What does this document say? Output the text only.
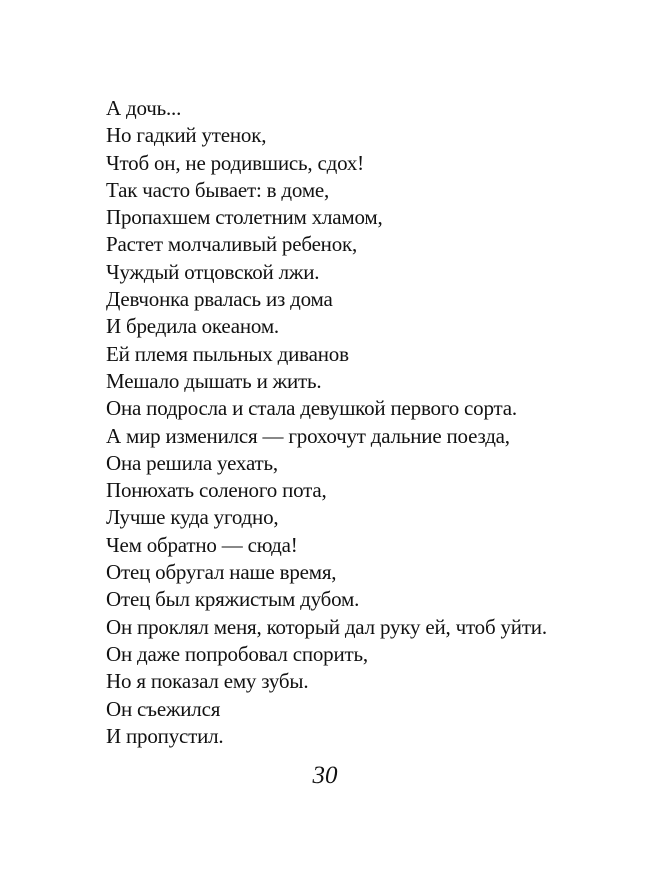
А дочь...
Но гадкий утенок,
Чтоб он, не родившись, сдох!
Так часто бывает: в доме,
Пропахшем столетним хламом,
Растет молчаливый ребенок,
Чуждый отцовской лжи.
Девчонка рвалась из дома
И бредила океаном.
Ей племя пыльных диванов
Мешало дышать и жить.
Она подросла и стала девушкой первого сорта.
А мир изменился — грохочут дальние поезда,
Она решила уехать,
Понюхать соленого пота,
Лучше куда угодно,
Чем обратно — сюда!
Отец обругал наше время,
Отец был кряжистым дубом.
Он проклял меня, который дал руку ей, чтоб уйти.
Он даже попробовал спорить,
Но я показал ему зубы.
Он съежился
И пропустил.
30
